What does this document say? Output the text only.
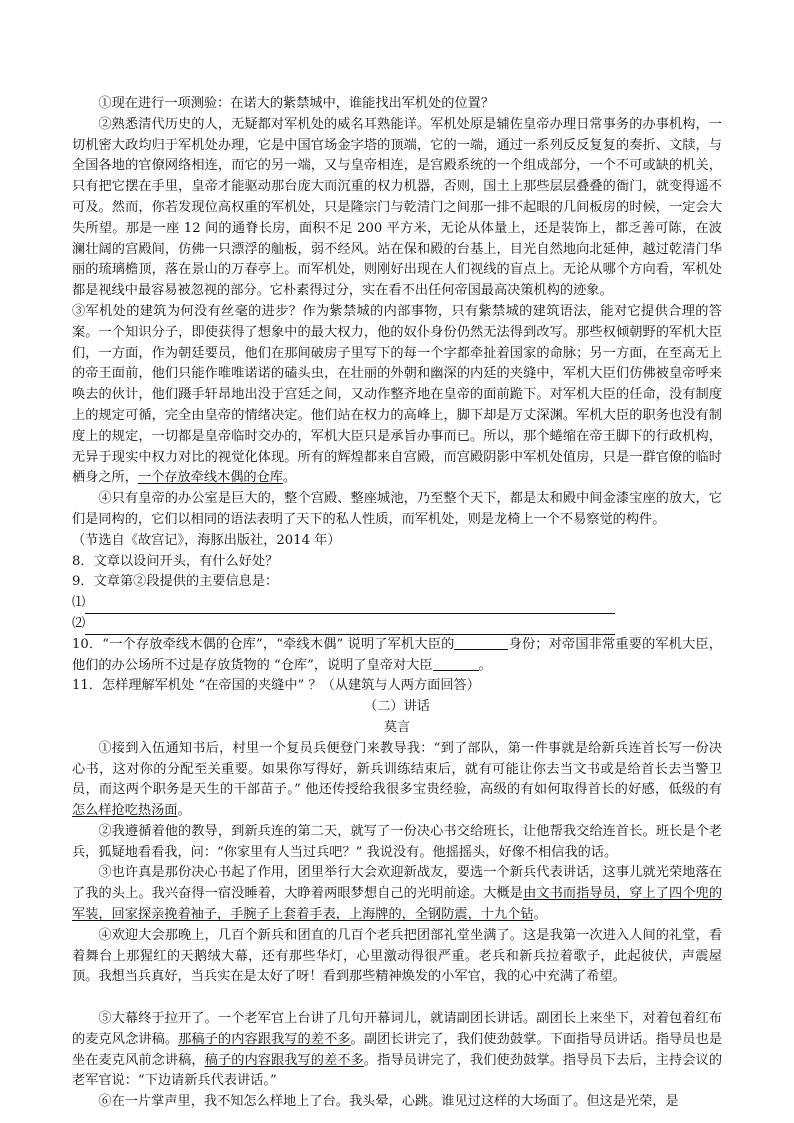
①现在进行一项测验：在诺大的紫禁城中，谁能找出军机处的位置？

②熟悉清代历史的人，无疑都对军机处的威名耳熟能详。军机处原是辅佐皇帝办理日常事务的办事机构，一切机密大政均归于军机处办理，它是中国官场金字塔的顶端，它的一端，通过一系列反反复复的奏折、文牍，与全国各地的官僚网络相连，而它的另一端，又与皇帝相连，是宫殿系统的一个组成部分，一个不可或缺的机关，只有把它摆在手里，皇帝才能驱动那台庞大而沉重的权力机器，否则，国土上那些层层叠叠的衙门，就变得遥不可及。然而，你若发现位高权重的军机处，只是隆宗门与乾清门之间那一排不起眼的几间板房的时候，一定会大失所望。那是一座 12 间的通脊长房，面积不足 200 平方米，无论从体量上，还是装饰上，都乏善可陈，在波澜壮阔的宫殿间，仿佛一只漂浮的舢板，弱不经风。站在保和殿的台基上，目光自然地向北延伸，越过乾清门华丽的琉璃檐顶，落在景山的万春亭上。而军机处，则刚好出现在人们视线的盲点上。无论从哪个方向看，军机处都是视线中最容易被忽视的部分。它朴素得过分，实在看不出任何帝国最高决策机构的迹象。

③军机处的建筑为何没有丝毫的进步？作为紫禁城的内部事物，只有紫禁城的建筑语法，能对它提供合理的答案。一个知识分子，即使获得了想象中的最大权力，他的奴仆身份仍然无法得到改写。那些权倾朝野的军机大臣们，一方面，作为朝廷要员，他们在那间破房子里写下的每一个字都牵扯着国家的命脉；另一方面，在至高无上的帝王面前，他们只能作唯唯诺诺的磕头虫，在壮丽的外朝和幽深的内廷的夹缝中，军机大臣们仿佛被皇帝呼来唤去的伙计，他们蹑手轩昂地出没于宫廷之间，又动作整齐地在皇帝的面前跪下。对军机大臣的任命，没有制度上的规定可循，完全由皇帝的情绪决定。他们站在权力的高峰上，脚下却是万丈深渊。军机大臣的职务也没有制度上的规定，一切都是皇帝临时交办的，军机大臣只是承旨办事而已。所以，那个蜷缩在帝王脚下的行政机构，无异于现实中权力对比的视觉化体现。所有的辉煌都来自宫殿，而宫殿阴影中军机处值房，只是一群官僚的临时栖身之所，一个存放牵线木偶的仓库。

④只有皇帝的办公室是巨大的，整个宫殿、整座城池，乃至整个天下，都是太和殿中间金漆宝座的放大，它们是同构的，它们以相同的语法表明了天下的私人性质，而军机处，则是龙椅上一个不易察觉的构件。

（节选自《故宫记》，海豚出版社，2014 年）

8．文章以设问开头，有什么好处？

9．文章第②段提供的主要信息是：

⑴
⑵

10．“一个存放牵线木偶的仓库”，“牵线木偶” 说明了军机大臣的	身份；对帝国非常重要的军机大臣，他们的办公场所不过是存放货物的 “仓库”，说明了皇帝对大臣	。

11．怎样理解军机处 “在帝国的夹缝中” ？（从建筑与人两方面回答）

（二）讲话

莫言

①接到入伍通知书后，村里一个复员兵便登门来教导我：“到了部队，第一件事就是给新兵连首长写一份决心书，这对你的分配至关重要。如果你写得好，新兵训练结束后，就有可能让你去当文书或是给首长去当警卫员，而这两个职务是天生的干部苗子。” 他还传授给我很多宝贵经验，高级的有如何取得首长的好感，低级的有怎么样抢吃热汤面。

②我遵循着他的教导，到新兵连的第二天，就写了一份决心书交给班长，让他帮我交给连首长。班长是个老兵，狐疑地看看我，问：“你家里有人当过兵吧？” 我说没有。他摇摇头，好像不相信我的话。

③也许真是那份决心书起了作用，团里举行大会欢迎新战友，要选一个新兵代表讲话，这事儿就光荣地落在了我的头上。我兴奋得一宿没睡着，大睁着两眼梦想自己的光明前途。大概是由文书而指导员，穿上了四个兜的军装，回家探亲挽着袖子，手腕子上套着手表，上海牌的，全钢防震，十九个钻。

④欢迎大会那晚上，几百个新兵和团直的几百个老兵把团部礼堂坐满了。这是我第一次进入人间的礼堂，看着舞台上那猩红的天鹅绒大幕，还有那些华灯，心里激动得很严重。老兵和新兵拉着歌子，此起彼伏，声震屋顶。我想当兵真好，当兵实在是太好了呀！看到那些精神焕发的小军官，我的心中充满了希望。

⑤大幕终于拉开了。一个老军官上台讲了几句开幕词儿，就请副团长讲话。副团长上来坐下，对着包着红布的麦克风念讲稿。那稿子的内容跟我写的差不多。副团长讲完了，我们使劲鼓掌。下面指导员讲话。指导员也是坐在麦克风前念讲稿，稿子的内容跟我写的差不多。指导员讲完了，我们使劲鼓掌。指导员下去后，主持会议的老军官说：“下边请新兵代表讲话。”

⑥在一片掌声里，我不知怎么样地上了台。我头晕，心跳。谁见过这样的大场面了。但这是光荣，是
